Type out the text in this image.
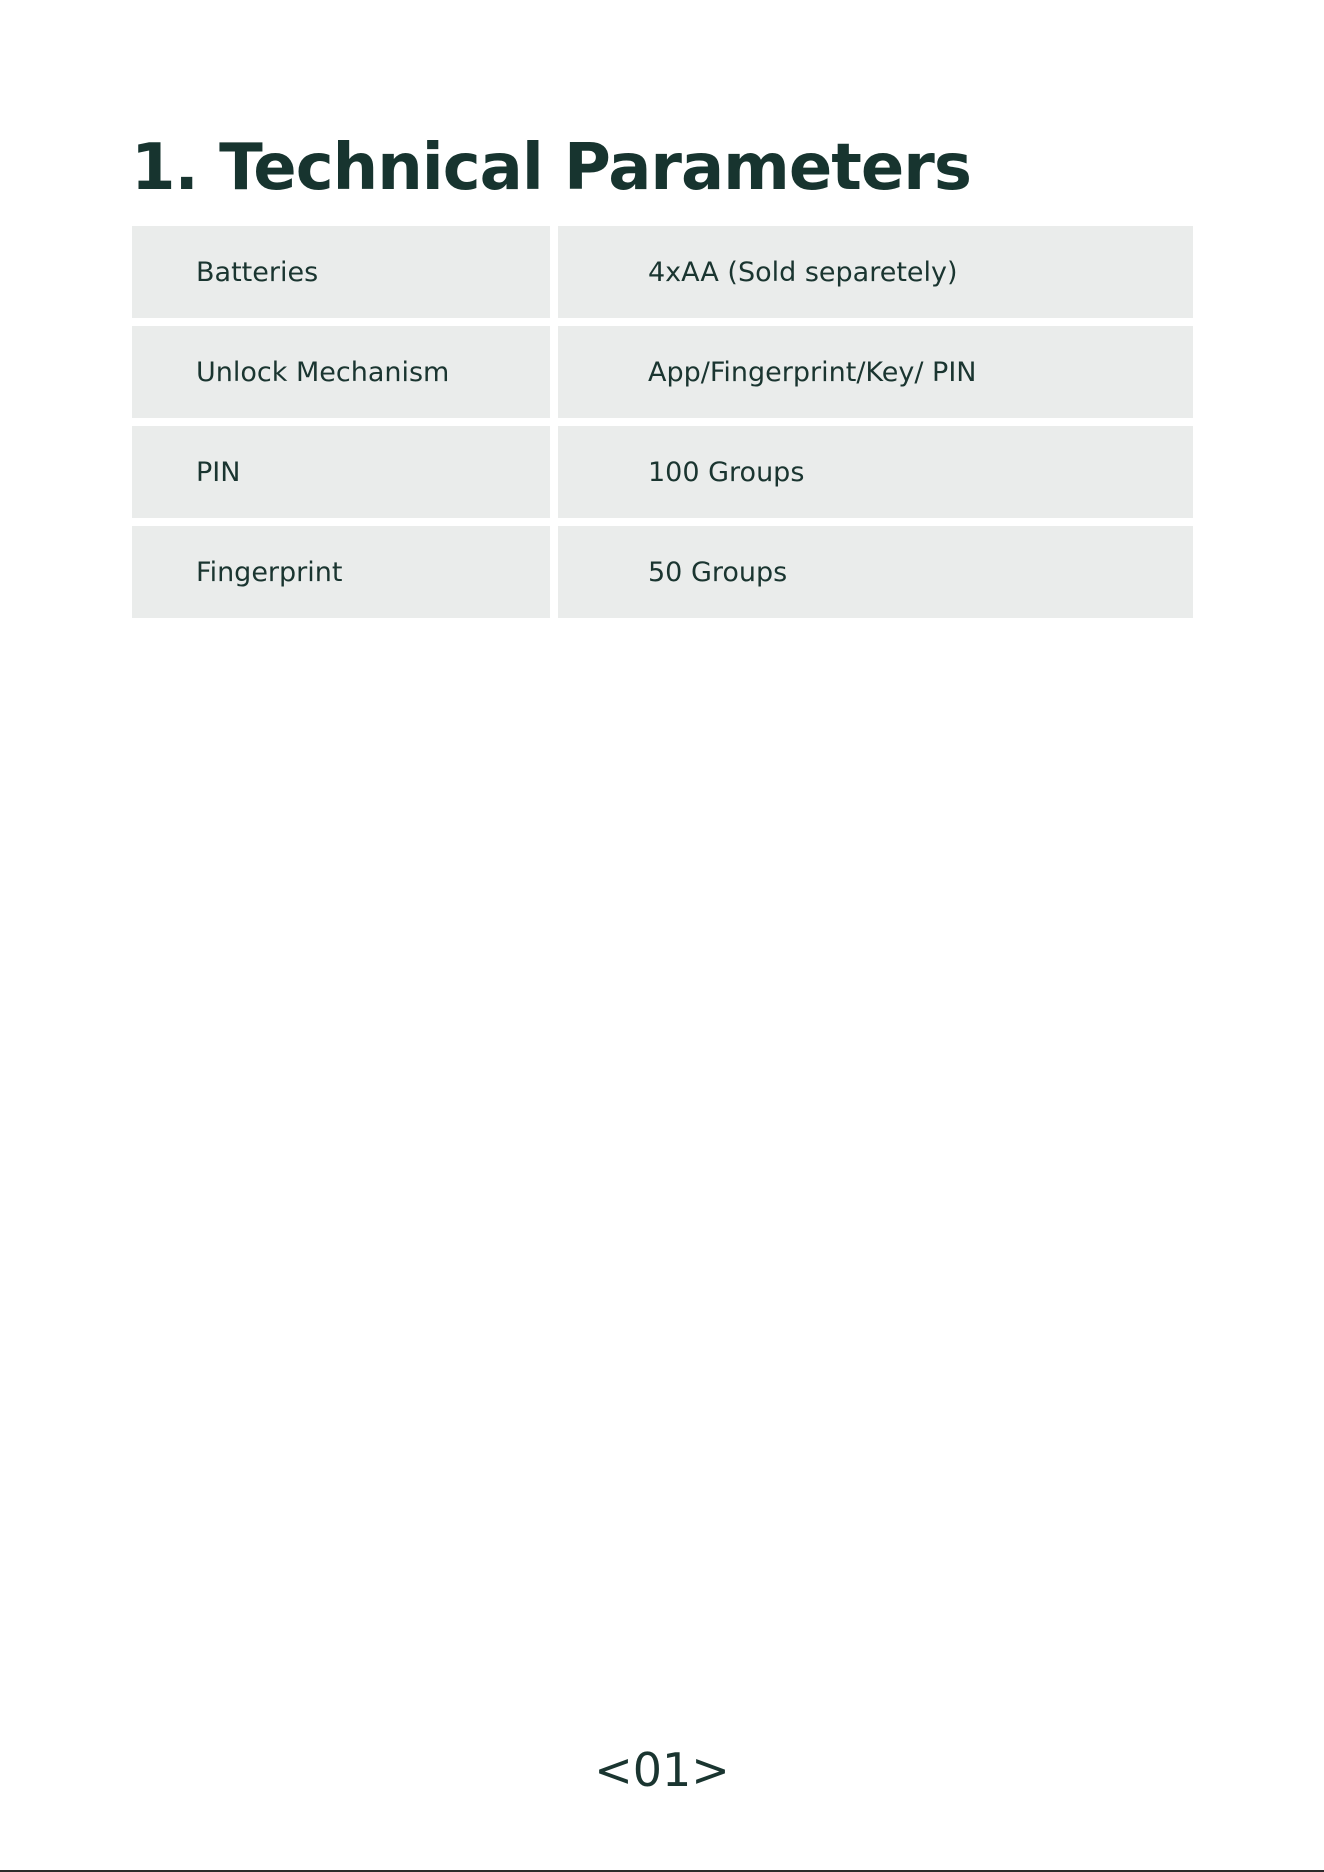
1. Technical Parameters
Batteries	4xAA (Sold separetely)
Unlock Mechanism	App/Fingerprint/Key/ PIN
PIN	100 Groups
Fingerprint	50 Groups
<01>
